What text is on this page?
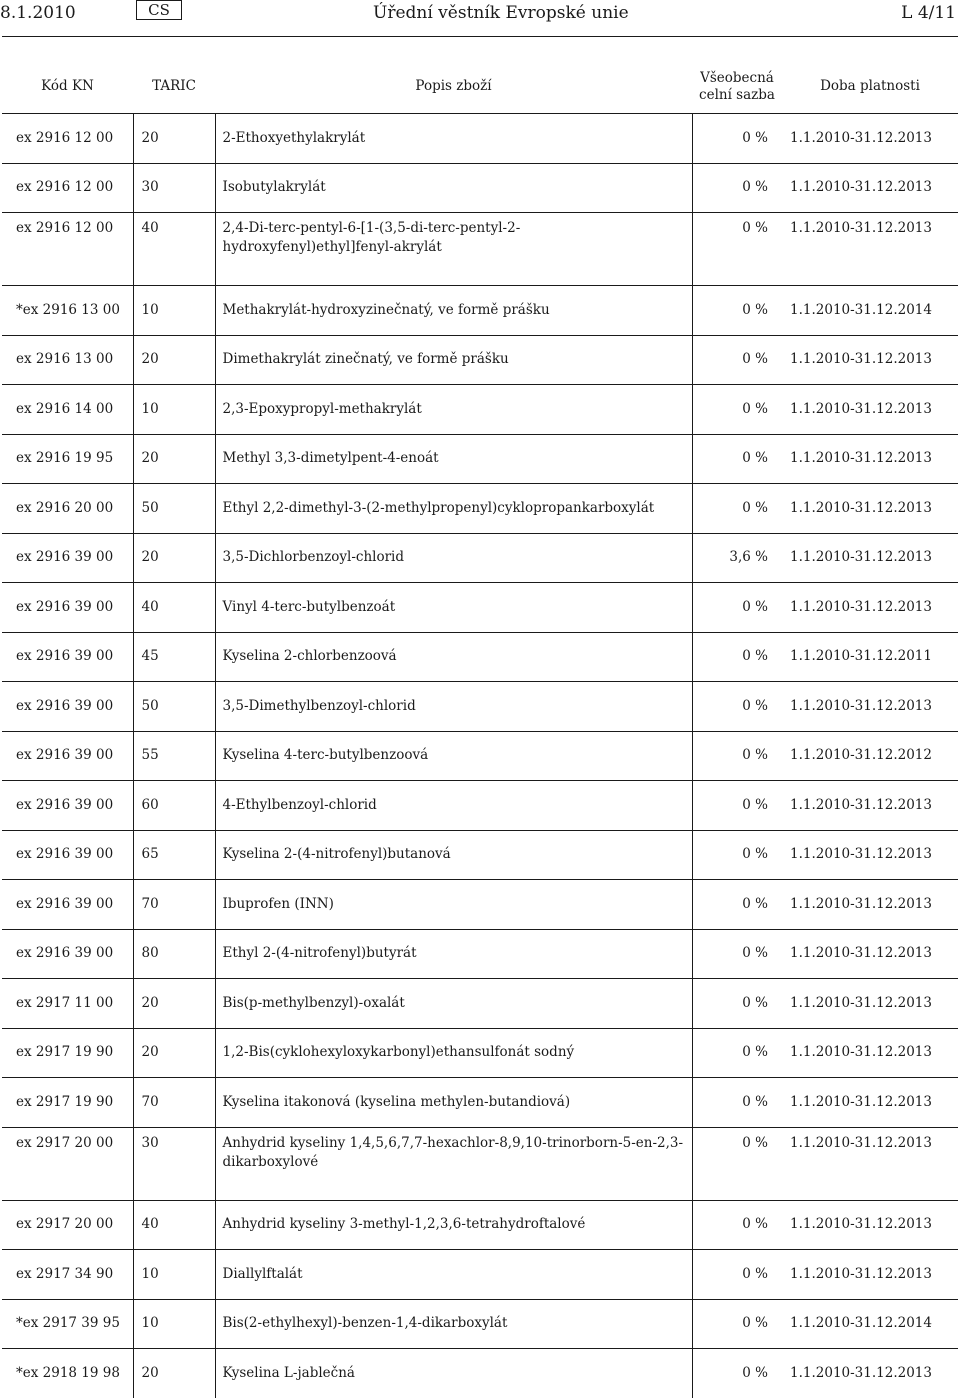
8.1.2010	CS	Úřední věstník Evropské unie	L 4/11
Kód KN	TARIC	Popis zboží	Všeobecná
celní sazba	Doba platnosti
ex 2916 12 00	20	2-Ethoxyethylakrylát	0 %	1.1.2010-31.12.2013
ex 2916 12 00	30	Isobutylakrylát	0 %	1.1.2010-31.12.2013
ex 2916 12 00	40	2,4-Di-terc-pentyl-6-[1-(3,5-di-terc-pentyl-2-hydroxyfenyl)ethyl]fenyl-akrylát	0 %	1.1.2010-31.12.2013
*ex 2916 13 00	10	Methakrylát-hydroxyzinečnatý, ve formě prášku	0 %	1.1.2010-31.12.2014
ex 2916 13 00	20	Dimethakrylát zinečnatý, ve formě prášku	0 %	1.1.2010-31.12.2013
ex 2916 14 00	10	2,3-Epoxypropyl-methakrylát	0 %	1.1.2010-31.12.2013
ex 2916 19 95	20	Methyl 3,3-dimetylpent-4-enoát	0 %	1.1.2010-31.12.2013
ex 2916 20 00	50	Ethyl 2,2-dimethyl-3-(2-methylpropenyl)cyklopropankarboxylát	0 %	1.1.2010-31.12.2013
ex 2916 39 00	20	3,5-Dichlorbenzoyl-chlorid	3,6 %	1.1.2010-31.12.2013
ex 2916 39 00	40	Vinyl 4-terc-butylbenzoát	0 %	1.1.2010-31.12.2013
ex 2916 39 00	45	Kyselina 2-chlorbenzoová	0 %	1.1.2010-31.12.2011
ex 2916 39 00	50	3,5-Dimethylbenzoyl-chlorid	0 %	1.1.2010-31.12.2013
ex 2916 39 00	55	Kyselina 4-terc-butylbenzoová	0 %	1.1.2010-31.12.2012
ex 2916 39 00	60	4-Ethylbenzoyl-chlorid	0 %	1.1.2010-31.12.2013
ex 2916 39 00	65	Kyselina 2-(4-nitrofenyl)butanová	0 %	1.1.2010-31.12.2013
ex 2916 39 00	70	Ibuprofen (INN)	0 %	1.1.2010-31.12.2013
ex 2916 39 00	80	Ethyl 2-(4-nitrofenyl)butyrát	0 %	1.1.2010-31.12.2013
ex 2917 11 00	20	Bis(p-methylbenzyl)-oxalát	0 %	1.1.2010-31.12.2013
ex 2917 19 90	20	1,2-Bis(cyklohexyloxykarbonyl)ethansulfonát sodný	0 %	1.1.2010-31.12.2013
ex 2917 19 90	70	Kyselina itakonová (kyselina methylen-butandiová)	0 %	1.1.2010-31.12.2013
ex 2917 20 00	30	Anhydrid kyseliny 1,4,5,6,7,7-hexachlor-8,9,10-trinorborn-5-en-2,3-dikarboxylové	0 %	1.1.2010-31.12.2013
ex 2917 20 00	40	Anhydrid kyseliny 3-methyl-1,2,3,6-tetrahydroftalové	0 %	1.1.2010-31.12.2013
ex 2917 34 90	10	Diallylftalát	0 %	1.1.2010-31.12.2013
*ex 2917 39 95	10	Bis(2-ethylhexyl)-benzen-1,4-dikarboxylát	0 %	1.1.2010-31.12.2014
*ex 2918 19 98	20	Kyselina L-jablečná	0 %	1.1.2010-31.12.2013
